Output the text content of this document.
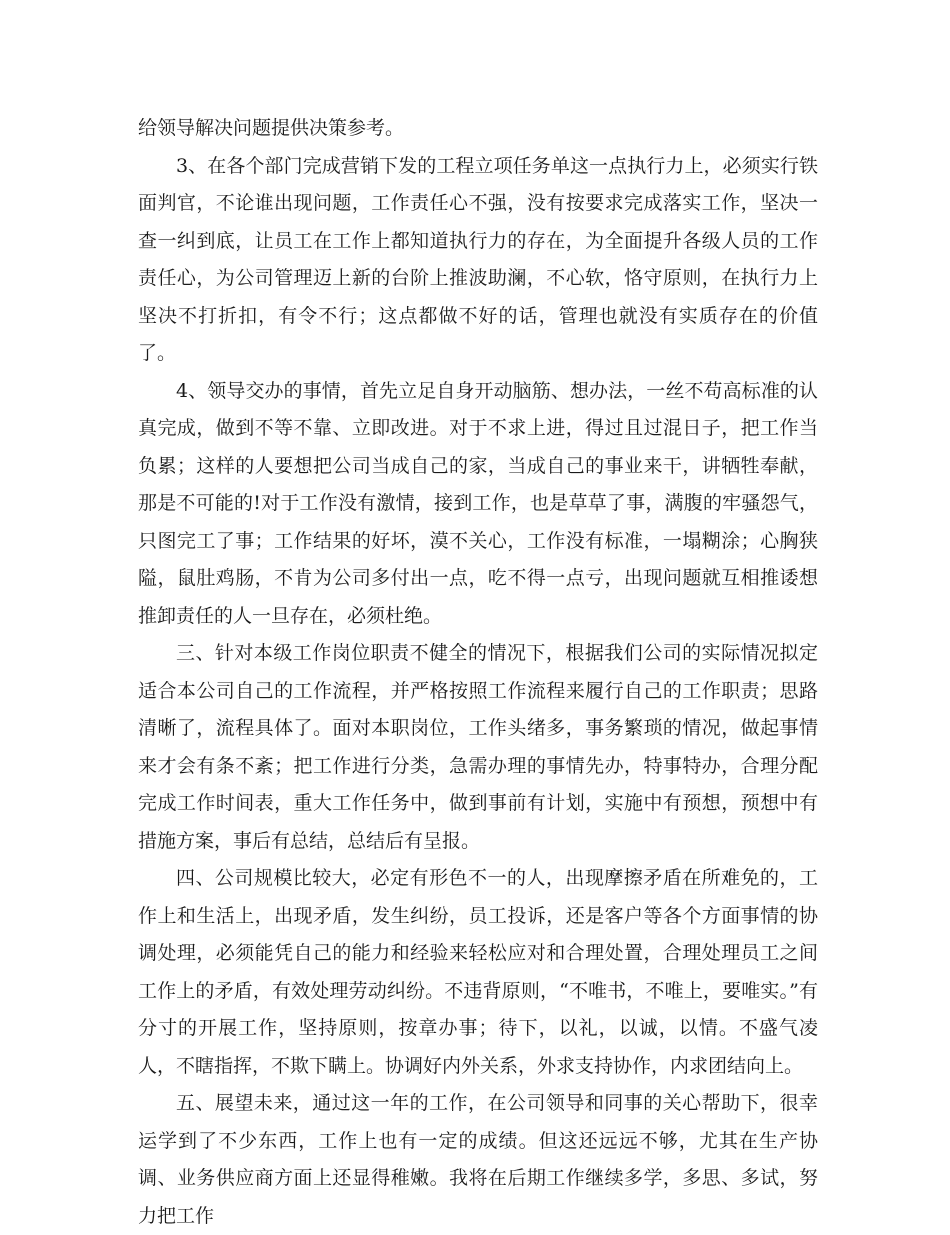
给领导解决问题提供决策参考。

3、在各个部门完成营销下发的工程立项任务单这一点执行力上，必须实行铁面判官，不论谁出现问题，工作责任心不强，没有按要求完成落实工作，坚决一查一纠到底，让员工在工作上都知道执行力的存在，为全面提升各级人员的工作责任心，为公司管理迈上新的台阶上推波助澜，不心软，恪守原则，在执行力上坚决不打折扣，有令不行；这点都做不好的话，管理也就没有实质存在的价值了。

4、领导交办的事情，首先立足自身开动脑筋、想办法，一丝不苟高标准的认真完成，做到不等不靠、立即改进。对于不求上进，得过且过混日子，把工作当负累；这样的人要想把公司当成自己的家，当成自己的事业来干，讲牺牲奉献，那是不可能的!对于工作没有激情，接到工作，也是草草了事，满腹的牢骚怨气，只图完工了事；工作结果的好坏，漠不关心，工作没有标准，一塌糊涂；心胸狭隘，鼠肚鸡肠，不肯为公司多付出一点，吃不得一点亏，出现问题就互相推诿想推卸责任的人一旦存在，必须杜绝。

三、针对本级工作岗位职责不健全的情况下，根据我们公司的实际情况拟定适合本公司自己的工作流程，并严格按照工作流程来履行自己的工作职责；思路清晰了，流程具体了。面对本职岗位，工作头绪多，事务繁琐的情况，做起事情来才会有条不紊；把工作进行分类，急需办理的事情先办，特事特办，合理分配完成工作时间表，重大工作任务中，做到事前有计划，实施中有预想，预想中有措施方案，事后有总结，总结后有呈报。

四、公司规模比较大，必定有形色不一的人，出现摩擦矛盾在所难免的，工作上和生活上，出现矛盾，发生纠纷，员工投诉，还是客户等各个方面事情的协调处理，必须能凭自己的能力和经验来轻松应对和合理处置，合理处理员工之间工作上的矛盾，有效处理劳动纠纷。不违背原则，“不唯书，不唯上，要唯实。”有分寸的开展工作，坚持原则，按章办事；待下，以礼，以诚，以情。不盛气凌人，不瞎指挥，不欺下瞒上。协调好内外关系，外求支持协作，内求团结向上。

五、展望未来，通过这一年的工作，在公司领导和同事的关心帮助下，很幸运学到了不少东西，工作上也有一定的成绩。但这还远远不够，尤其在生产协调、业务供应商方面上还显得稚嫩。我将在后期工作继续多学，多思、多试，努力把工作
